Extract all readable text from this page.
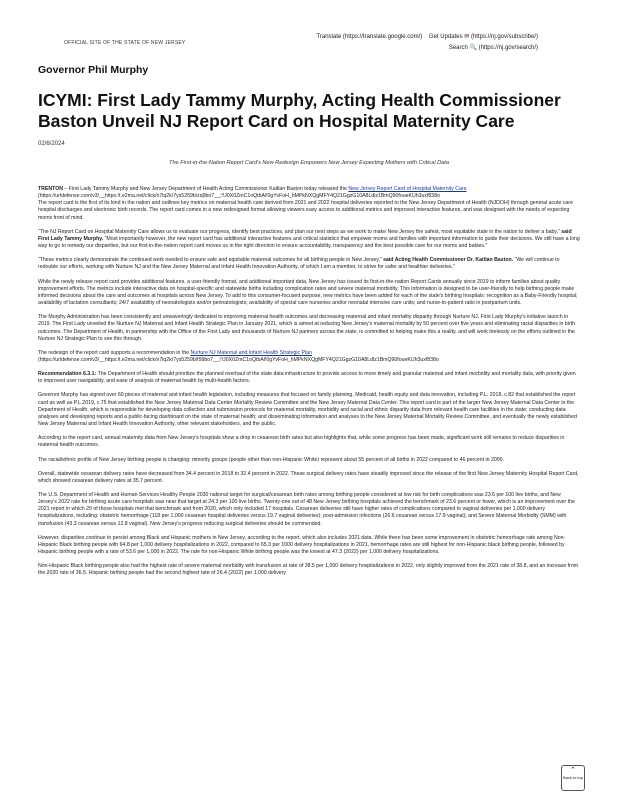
OFFICIAL SITE OF THE STATE OF NEW JERSEY
Translate (https://translate.google.com/) Get Updates ✉ (https://nj.gov/subscribe/)
Search 🔍 (https://nj.gov/search/)
Governor Phil Murphy
ICYMI: First Lady Tammy Murphy, Acting Health Commissioner Baston Unveil NJ Report Card on Hospital Maternity Care
02/6/2024
The First-in-the-Nation Report Card's New Redesign Empowers New Jersey Expecting Mothers with Critical Data

TRENTON – First Lady Tammy Murphy and New Jersey Department of Health Acting Commissioner Kaitlan Baston today released the New Jersey Report Card of Hospital Maternity Care
(https://urldefense.com/v3/__https:/t.e2ma.net/click/n7lq2k/7ys5259b/zq9bo7__;!!J0X0ZmC1oQtbAl!0gYvFoH_hMPkNXQgMFY4Q21GgzG10A8Ldlz1BmQ90foueKUh3uxf838o
The report card is the first of its kind in the nation and outlines key metrics on maternal health care derived from 2021 and 2022 hospital deliveries reported to the New Jersey Department of Health (NJDOH) through general acute care hospital discharges and electronic birth records. The report card comes in a new redesigned format allowing viewers easy access to additional metrics and improved interactive features, and was designed with the needs of expecting moms front of mind.

“The NJ Report Card on Hospital Maternity Care allows us to evaluate our progress, identify best practices, and plan our next steps as we work to make New Jersey the safest, most equitable state in the nation to deliver a baby,” said First Lady Tammy Murphy. “Most importantly however, the new report card has additional interactive features and critical statistics that empower moms and families with important information to guide their decisions. We still have a long way to go to remedy our disparities, but our first-in-the-nation report card moves us in the right direction to ensure accountability, transparency and the best possible care for our moms and babies.”

“These metrics clearly demonstrate the continued work needed to ensure safe and equitable maternal outcomes for all birthing people in New Jersey,” said Acting Health Commissioner Dr. Kaitlan Baston. “We will continue to redouble our efforts, working with Nurture NJ and the New Jersey Maternal and Infant Health Innovation Authority, of which I am a member, to strive for safer and healthier deliveries.”

While the newly release report card provides additional features, a user-friendly format, and additional important data, New Jersey has issued its first-in-the-nation Report Cards annually since 2019 to inform families about quality improvement efforts. The metrics include interactive data on hospital-specific and statewide births including complication rates and severe maternal morbidity. This information is designed to be user-friendly to help birthing people make informed decisions about the care and outcomes at hospitals across New Jersey. To add to this consumer-focused purpose, new metrics have been added for each of the state's birthing hospitals: recognition as a Baby-Friendly hospital; availability of lactation consultants; 24/7 availability of neonatologists and/or perinatologists; availability of special care nurseries and/or neonatal intensive care units; and nurse-to-patient ratio in postpartum units.

The Murphy Administration has been consistently and unwaveringly dedicated to improving maternal health outcomes and decreasing maternal and infant mortality disparity through Nurture NJ, First Lady Murphy's initiative launch in 2019. The First Lady unveiled the Nurture NJ Maternal and Infant Health Strategic Plan in January 2021, which is aimed at reducing New Jersey's maternal mortality by 50 percent over five years and eliminating racial disparities in birth outcomes. The Department of Health, in partnership with the Office of the First Lady and thousands of Nurture NJ partners across the state, is committed to helping make this a reality, and will work tirelessly on the efforts outlined in the Nurture NJ Strategic Plan to see this through.

The redesign of the report card supports a recommendation in the Nurture NJ Maternal and Infant Health Strategic Plan
(https://urldefense.com/v3/__https:/t.e2ma.net/click/n7lq2k/7ys5259b/f99bo7__;!!J0X0ZmC1oQtbAl!0gYvFoH_hMPkNXQgMFY4Q21GgzG10A8Ldlz1BmQ90foueKUh3uxf838o

Recommendation 6.3.1: The Department of Health should prioritize the planned overhaul of the state data infrastructure to provide access to more timely and granular maternal and infant morbidity and mortality data, with priority given to improved user navigability, and ease of analysis of maternal health by multi-health factors.

Governor Murphy has signed over 60 pieces of maternal and infant health legislation, including measures that focused on family planning, Medicaid, health equity and data innovation, including P.L. 2018, c.82 that established the report card as well as P.L.2019, c.75 that established the New Jersey Maternal Data Center Mortality Review Committee and the New Jersey Maternal Data Center. This report card is part of the larger New Jersey Maternal Data Center in the Department of Health, which is responsible for developing data collection and submission protocols for maternal mortality, morbidity and racial and ethnic disparity data from relevant health care facilities in the state; conducting data analyses and developing reports and a public-facing dashboard on the state of maternal health; and disseminating information and analyses to the New Jersey Maternal Mortality Review Committee, and eventually the newly established New Jersey Maternal and Infant Health Innovation Authority, other relevant stakeholders, and the public.

According to the report card, annual maternity data from New Jersey's hospitals show a drop in cesarean birth rates but also highlights that, while some progress has been made, significant work still remains to reduce disparities in maternal health outcomes.

The racial/ethnic profile of New Jersey birthing people is changing: minority groups (people other than non-Hispanic White) represent about 55 percent of all births in 2022 compared to 46 percent in 2000.

Overall, statewide cesarean delivery rates have decreased from 34.4 percent in 2018 to 32.4 percent in 2022. These surgical delivery rates have steadily improved since the release of the first New Jersey Maternity Hospital Report Card, which showed cesarean delivery rates at 35.7 percent.

The U.S. Department of Health and Human Services Healthy People 2030 national target for surgical/cesarean birth rates among birthing people considered at low risk for birth complications was 23.6 per 100 live births, and New Jersey's 2022 rate for birthing acute care hospitals was near that target at 24.3 per 100 live births. Twenty-one out of 48 New Jersey birthing hospitals achieved the benchmark of 23.6 percent or fewer, which is an improvement over the 2021 report in which 20 of those hospitals met that benchmark and from 2020, which only included 17 hospitals. Cesarean deliveries still have higher rates of complications compared to vaginal deliveries per 1,000 delivery hospitalizations, including: obstetric hemorrhage (118 per 1,000 cesarean hospital deliveries versus 19.7 vaginal deliveries); post-admission infections (26.6 cesarean versus 17.9 vaginal); and Severe Maternal Morbidity (SMM) with transfusion (43.3 cesarean versus 12.8 vaginal). New Jersey's progress reducing surgical deliveries should be commended.

However, disparities continue to persist among Black and Hispanic mothers in New Jersey, according to the report, which also includes 2021 data. While there has been some improvement in obstetric hemorrhage rate among Non-Hispanic Black birthing people with 64.8 per 1,000 delivery hospitalizations in 2022, compared to 65.3 per 1000 delivery hospitalizations in 2021, hemorrhage rates are still highest for non-Hispanic black birthing people, followed by Hispanic birthing people with a rate of 53.6 per 1,000 in 2022. The rate for non-Hispanic White birthing people was the lowest at 47.3 (2022) per 1,000 delivery hospitalizations.

Non-Hispanic Black birthing people also had the highest rate of severe maternal morbidity with transfusion at rate of 38.5 per 1,000 delivery hospitalizations in 2022, only slightly improved from the 2021 rate of 38.8, and an increase from the 2020 rate of 36.5. Hispanic birthing people had the second highest rate of 26.4 (2022) per 1,000 delivery

⌃
Back to top
